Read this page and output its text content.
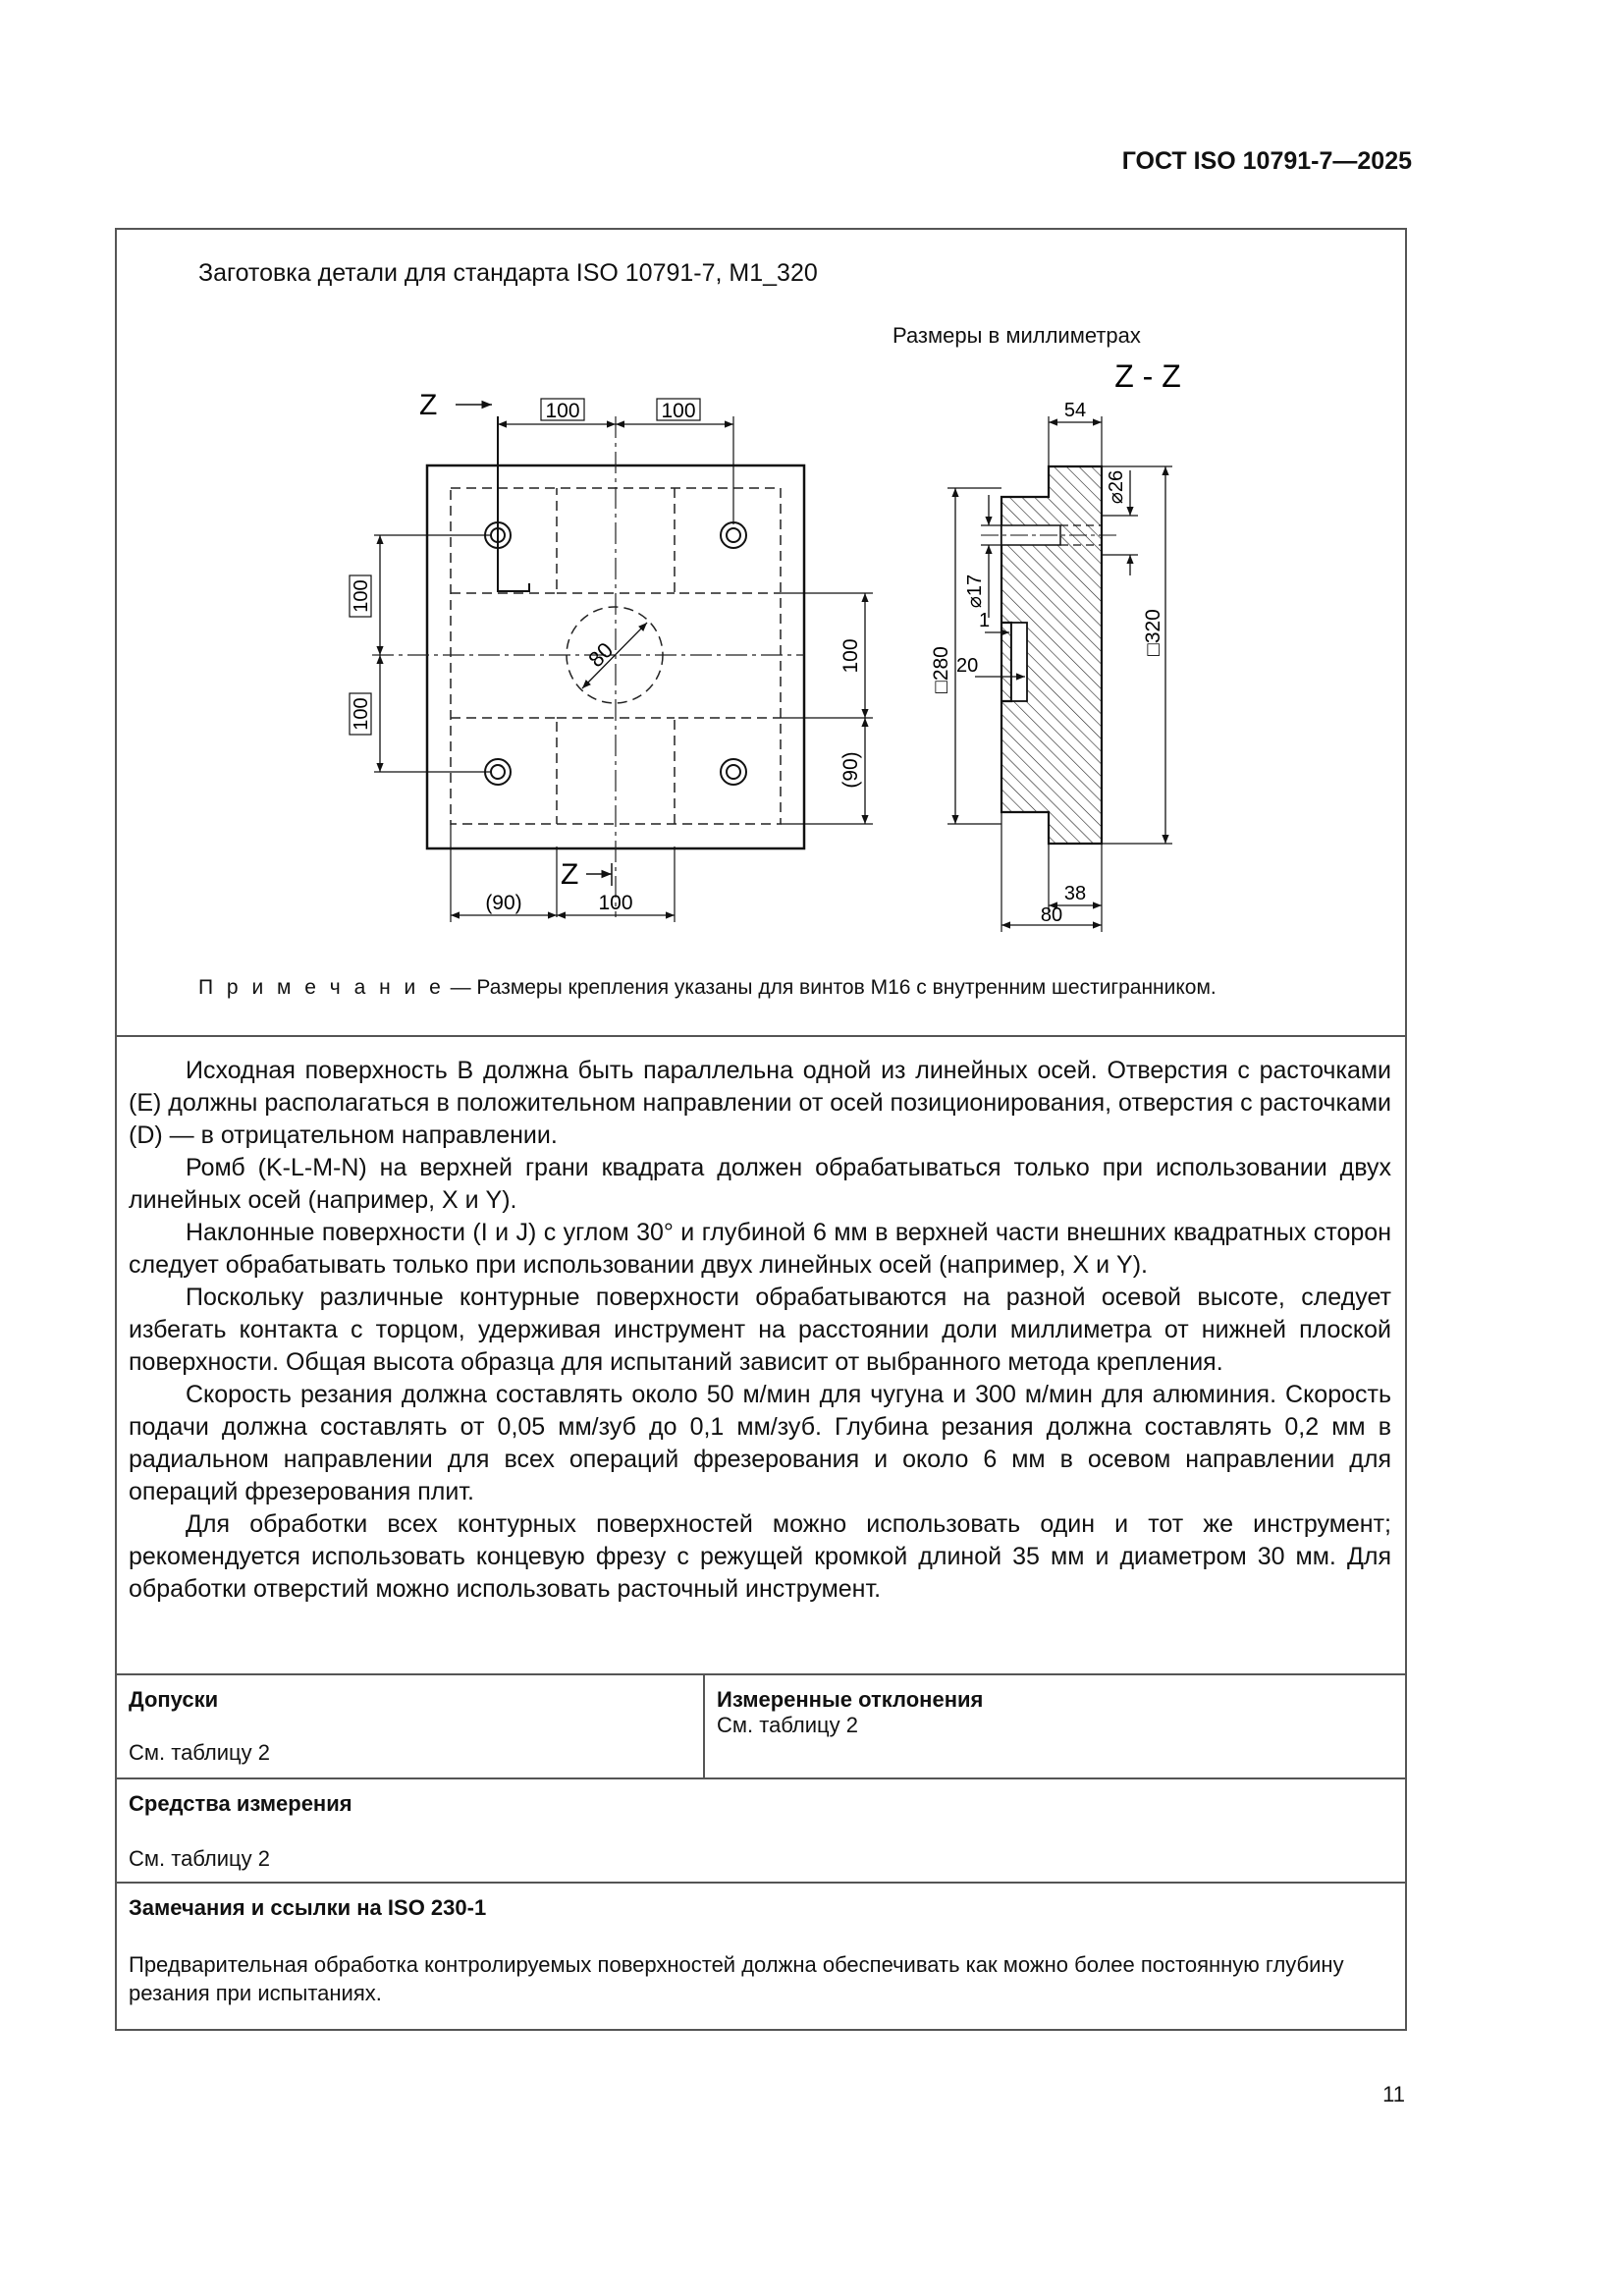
ГОСТ ISO 10791-7—2025
Заготовка детали для стандарта ISO 10791-7, M1_320
Размеры в миллиметрах
80
100	100
Z
100
100
100
(90)
(90)	100
Z
Z - Z
□280
⌀17
□320
⌀26
54
1
20
38
80
П р и м е ч а н и е — Размеры крепления указаны для винтов M16 с внутренним шестигранником.

Исходная поверхность B должна быть параллельна одной из линейных осей. Отверстия с расточками (E) должны располагаться в положительном направлении от осей позиционирования, отверстия с расточками (D) — в отрицательном направлении.

Ромб (K-L-M-N) на верхней грани квадрата должен обрабатываться только при использовании двух линейных осей (например, X и Y).

Наклонные поверхности (I и J) с углом 30° и глубиной 6 мм в верхней части внешних квадратных сторон следует обрабатывать только при использовании двух линейных осей (например, X и Y).

Поскольку различные контурные поверхности обрабатываются на разной осевой высоте, следует избегать контакта с торцом, удерживая инструмент на расстоянии доли миллиметра от нижней плоской поверхности. Общая высота образца для испытаний зависит от выбранного метода крепления.

Скорость резания должна составлять около 50 м/мин для чугуна и 300 м/мин для алюминия. Скорость подачи должна составлять от 0,05 мм/зуб до 0,1 мм/зуб. Глубина резания должна составлять 0,2 мм в радиальном направлении для всех операций фрезерования и около 6 мм в осевом направлении для операций фрезерования плит.

Для обработки всех контурных поверхностей можно использовать один и тот же инструмент; рекомендуется использовать концевую фрезу с режущей кромкой длиной 35 мм и диаметром 30 мм. Для обработки отверстий можно использовать расточный инструмент.

Допуски
См. таблицу 2
Измеренные отклонения
См. таблицу 2
Средства измерения
См. таблицу 2
Замечания и ссылки на ISO 230-1
Предварительная обработка контролируемых поверхностей должна обеспечивать как можно более постоянную глубину резания при испытаниях.
11
